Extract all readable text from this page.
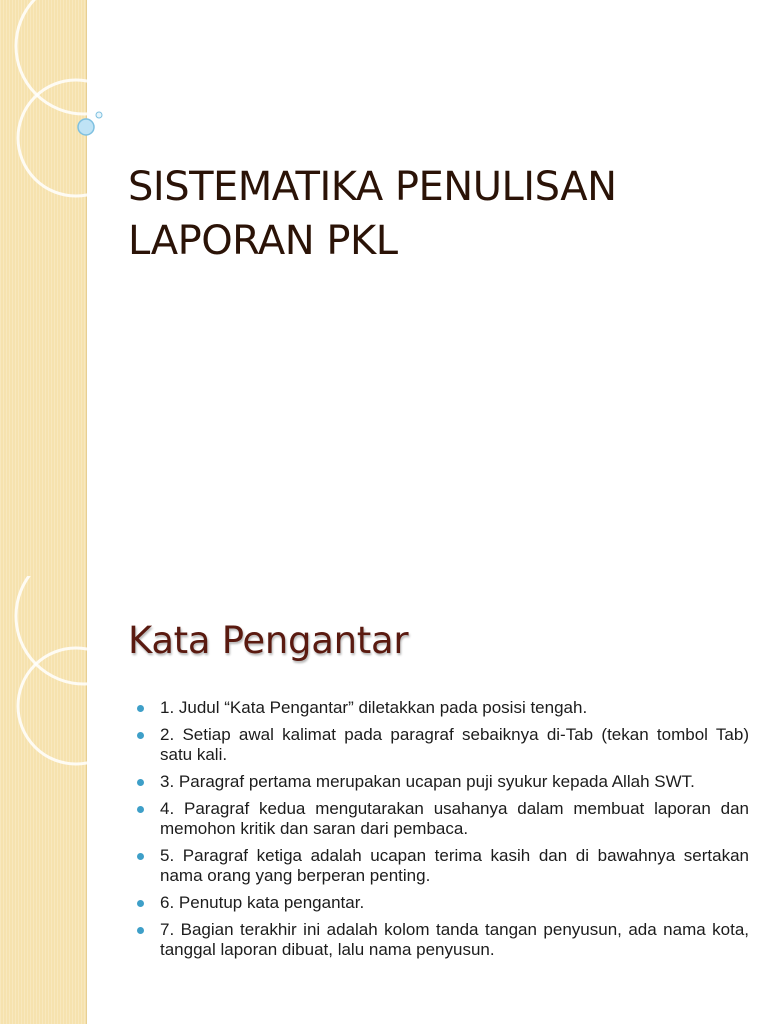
SISTEMATIKA PENULISAN
LAPORAN PKL
Kata Pengantar
1. Judul “Kata Pengantar” diletakkan pada posisi tengah.
2. Setiap awal kalimat pada paragraf sebaiknya di-Tab (tekan tombol Tab) satu kali.
3. Paragraf pertama merupakan ucapan puji syukur kepada Allah SWT.
4. Paragraf kedua mengutarakan usahanya dalam membuat laporan dan memohon kritik dan saran dari pembaca.
5. Paragraf ketiga adalah ucapan terima kasih dan di bawahnya sertakan nama orang yang berperan penting.
6. Penutup kata pengantar.
7. Bagian terakhir ini adalah kolom tanda tangan penyusun, ada nama kota, tanggal laporan dibuat, lalu nama penyusun.
